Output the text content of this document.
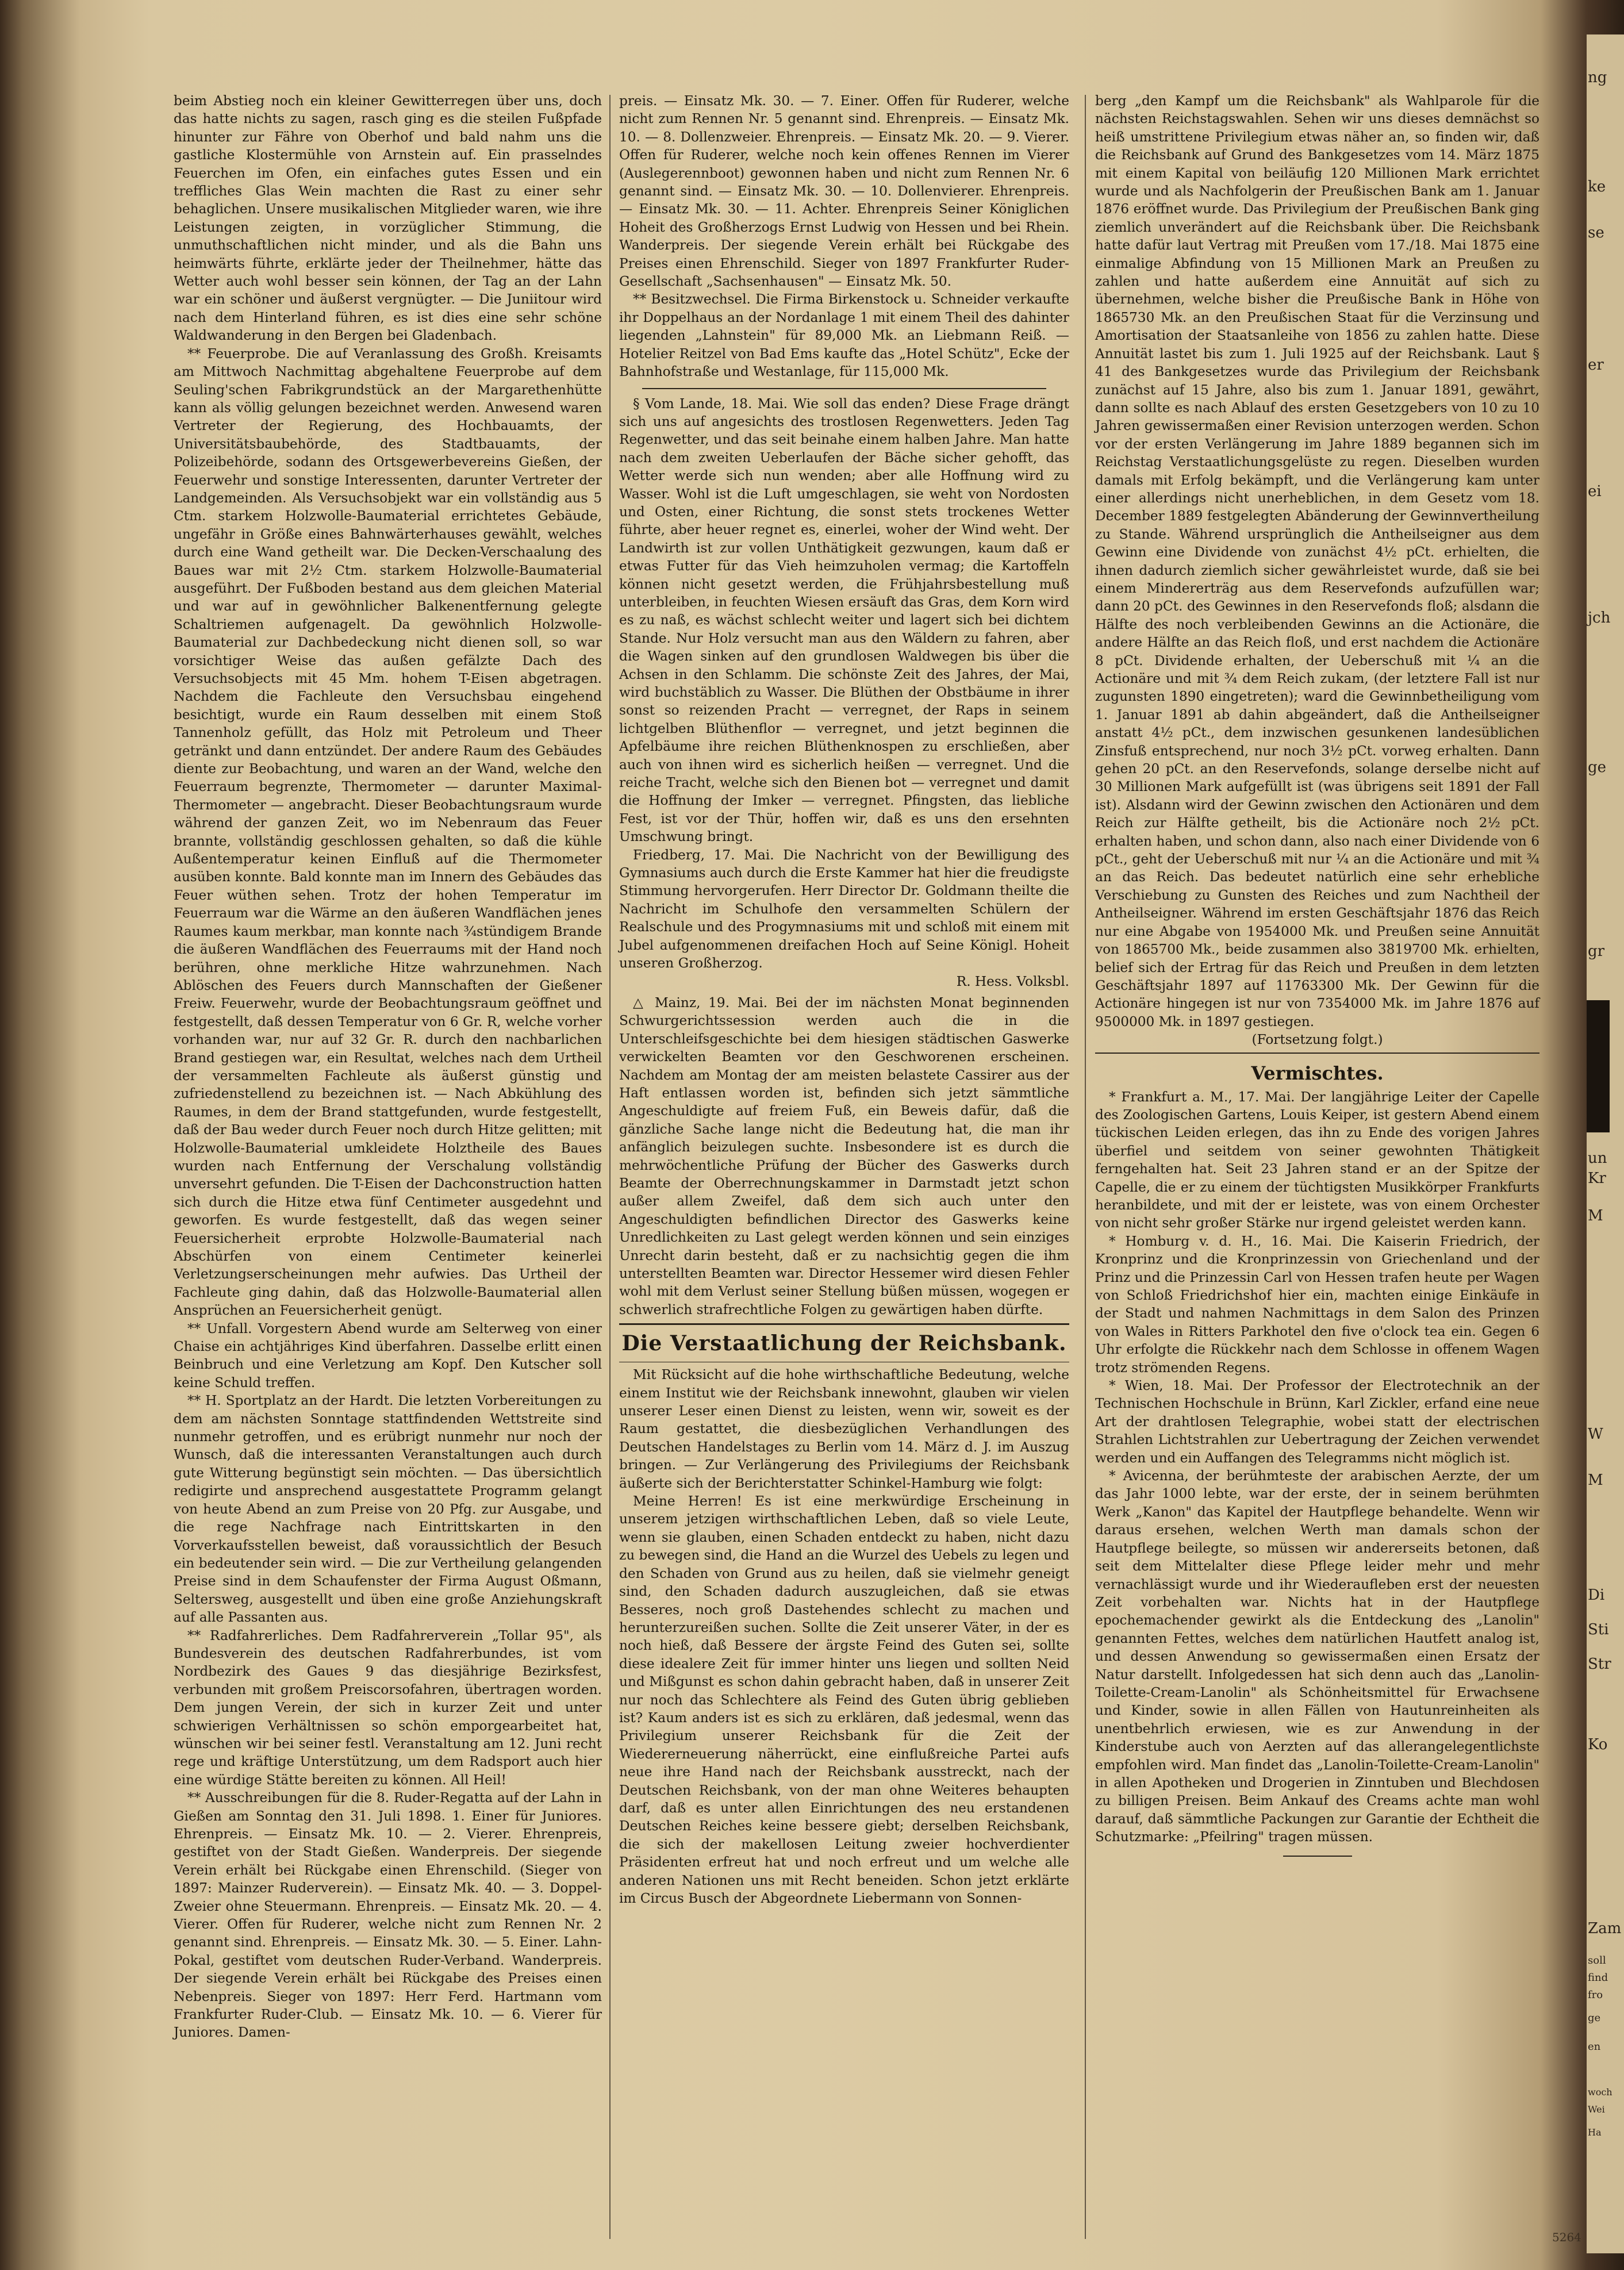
beim Abstieg noch ein kleiner Gewitterregen über uns, doch das hatte nichts zu sagen, rasch ging es die steilen Fußpfade hinunter zur Fähre von Oberhof und bald nahm uns die gastliche Klostermühle von Arnstein auf. Ein prasselndes Feuerchen im Ofen, ein einfaches gutes Essen und ein treffliches Glas Wein machten die Rast zu einer sehr behaglichen. Unsere musikalischen Mitglieder waren, wie ihre Leistungen zeigten, in vorzüglicher Stimmung, die unmuthschaftlichen nicht minder, und als die Bahn uns heimwärts führte, erklärte jeder der Theilnehmer, hätte das Wetter auch wohl besser sein können, der Tag an der Lahn war ein schöner und äußerst vergnügter. — Die Juniitour wird nach dem Hinterland führen, es ist dies eine sehr schöne Waldwanderung in den Bergen bei Gladenbach.

** Feuerprobe. Die auf Veranlassung des Großh. Kreisamts am Mittwoch Nachmittag abgehaltene Feuerprobe auf dem Seuling'schen Fabrikgrundstück an der Margarethenhütte kann als völlig gelungen bezeichnet werden. Anwesend waren Vertreter der Regierung, des Hochbauamts, der Universitätsbaubehörde, des Stadtbauamts, der Polizeibehörde, sodann des Ortsgewerbevereins Gießen, der Feuerwehr und sonstige Interessenten, darunter Vertreter der Landgemeinden. Als Versuchsobjekt war ein vollständig aus 5 Ctm. starkem Holzwolle-Baumaterial errichtetes Gebäude, ungefähr in Größe eines Bahnwärterhauses gewählt, welches durch eine Wand getheilt war. Die Decken-Verschaalung des Baues war mit 2½ Ctm. starkem Holzwolle-Baumaterial ausgeführt. Der Fußboden bestand aus dem gleichen Material und war auf in gewöhnlicher Balkenentfernung gelegte Schaltriemen aufgenagelt. Da gewöhnlich Holzwolle-Baumaterial zur Dachbedeckung nicht dienen soll, so war vorsichtiger Weise das außen gefälzte Dach des Versuchsobjects mit 45 Mm. hohem T-Eisen abgetragen. Nachdem die Fachleute den Versuchsbau eingehend besichtigt, wurde ein Raum desselben mit einem Stoß Tannenholz gefüllt, das Holz mit Petroleum und Theer getränkt und dann entzündet. Der andere Raum des Gebäudes diente zur Beobachtung, und waren an der Wand, welche den Feuerraum begrenzte, Thermometer — darunter Maximal-Thermometer — angebracht. Dieser Beobachtungsraum wurde während der ganzen Zeit, wo im Nebenraum das Feuer brannte, vollständig geschlossen gehalten, so daß die kühle Außentemperatur keinen Einfluß auf die Thermometer ausüben konnte. Bald konnte man im Innern des Gebäudes das Feuer wüthen sehen. Trotz der hohen Temperatur im Feuerraum war die Wärme an den äußeren Wandflächen jenes Raumes kaum merkbar, man konnte nach ¾stündigem Brande die äußeren Wandflächen des Feuerraums mit der Hand noch berühren, ohne merkliche Hitze wahrzunehmen. Nach Ablöschen des Feuers durch Mannschaften der Gießener Freiw. Feuerwehr, wurde der Beobachtungsraum geöffnet und festgestellt, daß dessen Temperatur von 6 Gr. R, welche vorher vorhanden war, nur auf 32 Gr. R. durch den nachbarlichen Brand gestiegen war, ein Resultat, welches nach dem Urtheil der versammelten Fachleute als äußerst günstig und zufriedenstellend zu bezeichnen ist. — Nach Abkühlung des Raumes, in dem der Brand stattgefunden, wurde festgestellt, daß der Bau weder durch Feuer noch durch Hitze gelitten; mit Holzwolle-Baumaterial umkleidete Holztheile des Baues wurden nach Entfernung der Verschalung vollständig unversehrt gefunden. Die T-Eisen der Dachconstruction hatten sich durch die Hitze etwa fünf Centimeter ausgedehnt und geworfen. Es wurde festgestellt, daß das wegen seiner Feuersicherheit erprobte Holzwolle-Baumaterial nach Abschürfen von einem Centimeter keinerlei Verletzungserscheinungen mehr aufwies. Das Urtheil der Fachleute ging dahin, daß das Holzwolle-Baumaterial allen Ansprüchen an Feuersicherheit genügt.

** Unfall. Vorgestern Abend wurde am Selterweg von einer Chaise ein achtjähriges Kind überfahren. Dasselbe erlitt einen Beinbruch und eine Verletzung am Kopf. Den Kutscher soll keine Schuld treffen.

** H. Sportplatz an der Hardt. Die letzten Vorbereitungen zu dem am nächsten Sonntage stattfindenden Wettstreite sind nunmehr getroffen, und es erübrigt nunmehr nur noch der Wunsch, daß die interessanten Veranstaltungen auch durch gute Witterung begünstigt sein möchten. — Das übersichtlich redigirte und ansprechend ausgestattete Programm gelangt von heute Abend an zum Preise von 20 Pfg. zur Ausgabe, und die rege Nachfrage nach Eintrittskarten in den Vorverkaufsstellen beweist, daß voraussichtlich der Besuch ein bedeutender sein wird. — Die zur Vertheilung gelangenden Preise sind in dem Schaufenster der Firma August Oßmann, Seltersweg, ausgestellt und üben eine große Anziehungskraft auf alle Passanten aus.

** Radfahrerliches. Dem Radfahrerverein „Tollar 95", als Bundesverein des deutschen Radfahrerbundes, ist vom Nordbezirk des Gaues 9 das diesjährige Bezirksfest, verbunden mit großem Preiscorsofahren, übertragen worden. Dem jungen Verein, der sich in kurzer Zeit und unter schwierigen Verhältnissen so schön emporgearbeitet hat, wünschen wir bei seiner festl. Veranstaltung am 12. Juni recht rege und kräftige Unterstützung, um dem Radsport auch hier eine würdige Stätte bereiten zu können. All Heil!

** Ausschreibungen für die 8. Ruder-Regatta auf der Lahn in Gießen am Sonntag den 31. Juli 1898. 1. Einer für Juniores. Ehrenpreis. — Einsatz Mk. 10. — 2. Vierer. Ehrenpreis, gestiftet von der Stadt Gießen. Wanderpreis. Der siegende Verein erhält bei Rückgabe einen Ehrenschild. (Sieger von 1897: Mainzer Ruderverein). — Einsatz Mk. 40. — 3. Doppel-Zweier ohne Steuermann. Ehrenpreis. — Einsatz Mk. 20. — 4. Vierer. Offen für Ruderer, welche nicht zum Rennen Nr. 2 genannt sind. Ehrenpreis. — Einsatz Mk. 30. — 5. Einer. Lahn-Pokal, gestiftet vom deutschen Ruder-Verband. Wanderpreis. Der siegende Verein erhält bei Rückgabe des Preises einen Nebenpreis. Sieger von 1897: Herr Ferd. Hartmann vom Frankfurter Ruder-Club. — Einsatz Mk. 10. — 6. Vierer für Juniores. Damen-

preis. — Einsatz Mk. 30. — 7. Einer. Offen für Ruderer, welche nicht zum Rennen Nr. 5 genannt sind. Ehrenpreis. — Einsatz Mk. 10. — 8. Dollenzweier. Ehrenpreis. — Einsatz Mk. 20. — 9. Vierer. Offen für Ruderer, welche noch kein offenes Rennen im Vierer (Auslegerennboot) gewonnen haben und nicht zum Rennen Nr. 6 genannt sind. — Einsatz Mk. 30. — 10. Dollenvierer. Ehrenpreis. — Einsatz Mk. 30. — 11. Achter. Ehrenpreis Seiner Königlichen Hoheit des Großherzogs Ernst Ludwig von Hessen und bei Rhein. Wanderpreis. Der siegende Verein erhält bei Rückgabe des Preises einen Ehrenschild. Sieger von 1897 Frankfurter Ruder-Gesellschaft „Sachsenhausen" — Einsatz Mk. 50.

** Besitzwechsel. Die Firma Birkenstock u. Schneider verkaufte ihr Doppelhaus an der Nordanlage 1 mit einem Theil des dahinter liegenden „Lahnstein" für 89,000 Mk. an Liebmann Reiß. — Hotelier Reitzel von Bad Ems kaufte das „Hotel Schütz", Ecke der Bahnhofstraße und Westanlage, für 115,000 Mk.

§ Vom Lande, 18. Mai. Wie soll das enden? Diese Frage drängt sich uns auf angesichts des trostlosen Regenwetters. Jeden Tag Regenwetter, und das seit beinahe einem halben Jahre. Man hatte nach dem zweiten Ueberlaufen der Bäche sicher gehofft, das Wetter werde sich nun wenden; aber alle Hoffnung wird zu Wasser. Wohl ist die Luft umgeschlagen, sie weht von Nordosten und Osten, einer Richtung, die sonst stets trockenes Wetter führte, aber heuer regnet es, einerlei, woher der Wind weht. Der Landwirth ist zur vollen Unthätigkeit gezwungen, kaum daß er etwas Futter für das Vieh heimzuholen vermag; die Kartoffeln können nicht gesetzt werden, die Frühjahrsbestellung muß unterbleiben, in feuchten Wiesen ersäuft das Gras, dem Korn wird es zu naß, es wächst schlecht weiter und lagert sich bei dichtem Stande. Nur Holz versucht man aus den Wäldern zu fahren, aber die Wagen sinken auf den grundlosen Waldwegen bis über die Achsen in den Schlamm. Die schönste Zeit des Jahres, der Mai, wird buchstäblich zu Wasser. Die Blüthen der Obstbäume in ihrer sonst so reizenden Pracht — verregnet, der Raps in seinem lichtgelben Blüthenflor — verregnet, und jetzt beginnen die Apfelbäume ihre reichen Blüthenknospen zu erschließen, aber auch von ihnen wird es sicherlich heißen — verregnet. Und die reiche Tracht, welche sich den Bienen bot — verregnet und damit die Hoffnung der Imker — verregnet. Pfingsten, das liebliche Fest, ist vor der Thür, hoffen wir, daß es uns den ersehnten Umschwung bringt.

Friedberg, 17. Mai. Die Nachricht von der Bewilligung des Gymnasiums auch durch die Erste Kammer hat hier die freudigste Stimmung hervorgerufen. Herr Director Dr. Goldmann theilte die Nachricht im Schulhofe den versammelten Schülern der Realschule und des Progymnasiums mit und schloß mit einem mit Jubel aufgenommenen dreifachen Hoch auf Seine Königl. Hoheit unseren Großherzog.

R. Hess. Volksbl.

△ Mainz, 19. Mai. Bei der im nächsten Monat beginnenden Schwurgerichtssession werden auch die in die Unterschleifsgeschichte bei dem hiesigen städtischen Gaswerke verwickelten Beamten vor den Geschworenen erscheinen. Nachdem am Montag der am meisten belastete Cassirer aus der Haft entlassen worden ist, befinden sich jetzt sämmtliche Angeschuldigte auf freiem Fuß, ein Beweis dafür, daß die gänzliche Sache lange nicht die Bedeutung hat, die man ihr anfänglich beizulegen suchte. Insbesondere ist es durch die mehrwöchentliche Prüfung der Bücher des Gaswerks durch Beamte der Oberrechnungskammer in Darmstadt jetzt schon außer allem Zweifel, daß dem sich auch unter den Angeschuldigten befindlichen Director des Gaswerks keine Unredlichkeiten zu Last gelegt werden können und sein einziges Unrecht darin besteht, daß er zu nachsichtig gegen die ihm unterstellten Beamten war. Director Hessemer wird diesen Fehler wohl mit dem Verlust seiner Stellung büßen müssen, wogegen er schwerlich strafrechtliche Folgen zu gewärtigen haben dürfte.

Die Verstaatlichung der Reichsbank.

Mit Rücksicht auf die hohe wirthschaftliche Bedeutung, welche einem Institut wie der Reichsbank innewohnt, glauben wir vielen unserer Leser einen Dienst zu leisten, wenn wir, soweit es der Raum gestattet, die diesbezüglichen Verhandlungen des Deutschen Handelstages zu Berlin vom 14. März d. J. im Auszug bringen. — Zur Verlängerung des Privilegiums der Reichsbank äußerte sich der Berichterstatter Schinkel-Hamburg wie folgt:

Meine Herren! Es ist eine merkwürdige Erscheinung in unserem jetzigen wirthschaftlichen Leben, daß so viele Leute, wenn sie glauben, einen Schaden entdeckt zu haben, nicht dazu zu bewegen sind, die Hand an die Wurzel des Uebels zu legen und den Schaden von Grund aus zu heilen, daß sie vielmehr geneigt sind, den Schaden dadurch auszugleichen, daß sie etwas Besseres, noch groß Dastehendes schlecht zu machen und herunterzureißen suchen. Sollte die Zeit unserer Väter, in der es noch hieß, daß Bessere der ärgste Feind des Guten sei, sollte diese idealere Zeit für immer hinter uns liegen und sollten Neid und Mißgunst es schon dahin gebracht haben, daß in unserer Zeit nur noch das Schlechtere als Feind des Guten übrig geblieben ist? Kaum anders ist es sich zu erklären, daß jedesmal, wenn das Privilegium unserer Reichsbank für die Zeit der Wiedererneuerung näherrückt, eine einflußreiche Partei aufs neue ihre Hand nach der Reichsbank ausstreckt, nach der Deutschen Reichsbank, von der man ohne Weiteres behaupten darf, daß es unter allen Einrichtungen des neu erstandenen Deutschen Reiches keine bessere giebt; derselben Reichsbank, die sich der makellosen Leitung zweier hochverdienter Präsidenten erfreut hat und noch erfreut und um welche alle anderen Nationen uns mit Recht beneiden. Schon jetzt erklärte im Circus Busch der Abgeordnete Liebermann von Sonnen-

berg „den Kampf um die Reichsbank" als Wahlparole für die nächsten Reichstagswahlen. Sehen wir uns dieses demnächst so heiß umstrittene Privilegium etwas näher an, so finden wir, daß die Reichsbank auf Grund des Bankgesetzes vom 14. März 1875 mit einem Kapital von beiläufig 120 Millionen Mark errichtet wurde und als Nachfolgerin der Preußischen Bank am 1. Januar 1876 eröffnet wurde. Das Privilegium der Preußischen Bank ging ziemlich unverändert auf die Reichsbank über. Die Reichsbank hatte dafür laut Vertrag mit Preußen vom 17./18. Mai 1875 eine einmalige Abfindung von 15 Millionen Mark an Preußen zu zahlen und hatte außerdem eine Annuität auf sich zu übernehmen, welche bisher die Preußische Bank in Höhe von 1865730 Mk. an den Preußischen Staat für die Verzinsung und Amortisation der Staatsanleihe von 1856 zu zahlen hatte. Diese Annuität lastet bis zum 1. Juli 1925 auf der Reichsbank. Laut § 41 des Bankgesetzes wurde das Privilegium der Reichsbank zunächst auf 15 Jahre, also bis zum 1. Januar 1891, gewährt, dann sollte es nach Ablauf des ersten Gesetzgebers von 10 zu 10 Jahren gewissermaßen einer Revision unterzogen werden. Schon vor der ersten Verlängerung im Jahre 1889 begannen sich im Reichstag Verstaatlichungsgelüste zu regen. Dieselben wurden damals mit Erfolg bekämpft, und die Verlängerung kam unter einer allerdings nicht unerheblichen, in dem Gesetz vom 18. December 1889 festgelegten Abänderung der Gewinnvertheilung zu Stande. Während ursprünglich die Antheilseigner aus dem Gewinn eine Dividende von zunächst 4½ pCt. erhielten, die ihnen dadurch ziemlich sicher gewährleistet wurde, daß sie bei einem Mindererträg aus dem Reservefonds aufzufüllen war; dann 20 pCt. des Gewinnes in den Reservefonds floß; alsdann die Hälfte des noch verbleibenden Gewinns an die Actionäre, die andere Hälfte an das Reich floß, und erst nachdem die Actionäre 8 pCt. Dividende erhalten, der Ueberschuß mit ¼ an die Actionäre und mit ¾ dem Reich zukam, (der letztere Fall ist nur zugunsten 1890 eingetreten); ward die Gewinnbetheiligung vom 1. Januar 1891 ab dahin abgeändert, daß die Antheilseigner anstatt 4½ pCt., dem inzwischen gesunkenen landesüblichen Zinsfuß entsprechend, nur noch 3½ pCt. vorweg erhalten. Dann gehen 20 pCt. an den Reservefonds, solange derselbe nicht auf 30 Millionen Mark aufgefüllt ist (was übrigens seit 1891 der Fall ist). Alsdann wird der Gewinn zwischen den Actionären und dem Reich zur Hälfte getheilt, bis die Actionäre noch 2½ pCt. erhalten haben, und schon dann, also nach einer Dividende von 6 pCt., geht der Ueberschuß mit nur ¼ an die Actionäre und mit ¾ an das Reich. Das bedeutet natürlich eine sehr erhebliche Verschiebung zu Gunsten des Reiches und zum Nachtheil der Antheilseigner. Während im ersten Geschäftsjahr 1876 das Reich nur eine Abgabe von 1954000 Mk. und Preußen seine Annuität von 1865700 Mk., beide zusammen also 3819700 Mk. erhielten, belief sich der Ertrag für das Reich und Preußen in dem letzten Geschäftsjahr 1897 auf 11763300 Mk. Der Gewinn für die Actionäre hingegen ist nur von 7354000 Mk. im Jahre 1876 auf 9500000 Mk. in 1897 gestiegen.

(Fortsetzung folgt.)
Vermischtes.

* Frankfurt a. M., 17. Mai. Der langjährige Leiter der Capelle des Zoologischen Gartens, Louis Keiper, ist gestern Abend einem tückischen Leiden erlegen, das ihn zu Ende des vorigen Jahres überfiel und seitdem von seiner gewohnten Thätigkeit ferngehalten hat. Seit 23 Jahren stand er an der Spitze der Capelle, die er zu einem der tüchtigsten Musikkörper Frankfurts heranbildete, und mit der er leistete, was von einem Orchester von nicht sehr großer Stärke nur irgend geleistet werden kann.

* Homburg v. d. H., 16. Mai. Die Kaiserin Friedrich, der Kronprinz und die Kronprinzessin von Griechenland und der Prinz und die Prinzessin Carl von Hessen trafen heute per Wagen von Schloß Friedrichshof hier ein, machten einige Einkäufe in der Stadt und nahmen Nachmittags in dem Salon des Prinzen von Wales in Ritters Parkhotel den five o'clock tea ein. Gegen 6 Uhr erfolgte die Rückkehr nach dem Schlosse in offenem Wagen trotz strömenden Regens.

* Wien, 18. Mai. Der Professor der Electrotechnik an der Technischen Hochschule in Brünn, Karl Zickler, erfand eine neue Art der drahtlosen Telegraphie, wobei statt der electrischen Strahlen Lichtstrahlen zur Uebertragung der Zeichen verwendet werden und ein Auffangen des Telegramms nicht möglich ist.

* Avicenna, der berühmteste der arabischen Aerzte, der um das Jahr 1000 lebte, war der erste, der in seinem berühmten Werk „Kanon" das Kapitel der Hautpflege behandelte. Wenn wir daraus ersehen, welchen Werth man damals schon der Hautpflege beilegte, so müssen wir andererseits betonen, daß seit dem Mittelalter diese Pflege leider mehr und mehr vernachlässigt wurde und ihr Wiederaufleben erst der neuesten Zeit vorbehalten war. Nichts hat in der Hautpflege epochemachender gewirkt als die Entdeckung des „Lanolin" genannten Fettes, welches dem natürlichen Hautfett analog ist, und dessen Anwendung so gewissermaßen einen Ersatz der Natur darstellt. Infolgedessen hat sich denn auch das „Lanolin-Toilette-Cream-Lanolin" als Schönheitsmittel für Erwachsene und Kinder, sowie in allen Fällen von Hautunreinheiten als unentbehrlich erwiesen, wie es zur Anwendung in der Kinderstube auch von Aerzten auf das allerangelegentlichste empfohlen wird. Man findet das „Lanolin-Toilette-Cream-Lanolin" in allen Apotheken und Drogerien in Zinntuben und Blechdosen zu billigen Preisen. Beim Ankauf des Creams achte man wohl darauf, daß sämmtliche Packungen zur Garantie der Echtheit die Schutzmarke: „Pfeilring" tragen müssen.

ng
ke
se
er
ei
jch
ge
gr
un
Kr
M
W
M
Di
Sti
Str
Ko
Zam
soll
find
fro
ge
en
woch
Wei
Ha
5264
